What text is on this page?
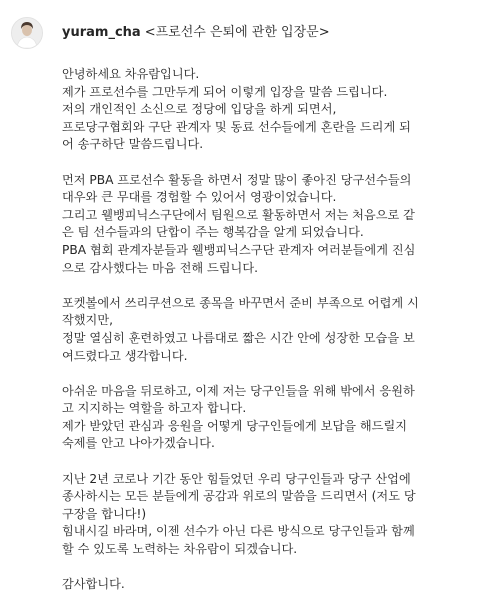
yuram_cha <프로선수 은퇴에 관한 입장문>
안녕하세요 차유람입니다.
제가 프로선수를 그만두게 되어 이렇게 입장을 말씀 드립니다.
저의 개인적인 소신으로 정당에 입당을 하게 되면서,
프로당구협회와 구단 관계자 및 동료 선수들에게 혼란을 드리게 되
어 송구하단 말씀드립니다.
먼저 PBA 프로선수 활동을 하면서 정말 많이 좋아진 당구선수들의
대우와 큰 무대를 경험할 수 있어서 영광이었습니다.
그리고 웰뱅피닉스구단에서 팀원으로 활동하면서 저는 처음으로 같
은 팀 선수들과의 단합이 주는 행복감을 알게 되었습니다.
PBA 협회 관계자분들과 웰뱅피닉스구단 관계자 여러분들에게 진심
으로 감사했다는 마음 전해 드립니다.
포켓볼에서 쓰리쿠션으로 종목을 바꾸면서 준비 부족으로 어렵게 시
작했지만,
정말 열심히 훈련하였고 나름대로 짧은 시간 안에 성장한 모습을 보
여드렸다고 생각합니다.
아쉬운 마음을 뒤로하고, 이제 저는 당구인들을 위해 밖에서 응원하
고 지지하는 역할을 하고자 합니다.
제가 받았던 관심과 응원을 어떻게 당구인들에게 보답을 해드릴지
숙제를 안고 나아가겠습니다.
지난 2년 코로나 기간 동안 힘들었던 우리 당구인들과 당구 산업에
종사하시는 모든 분들에게 공감과 위로의 말씀을 드리면서 (저도 당
구장을 합니다!)
힘내시길 바라며, 이젠 선수가 아닌 다른 방식으로 당구인들과 함께
할 수 있도록 노력하는 차유람이 되겠습니다.
감사합니다.
